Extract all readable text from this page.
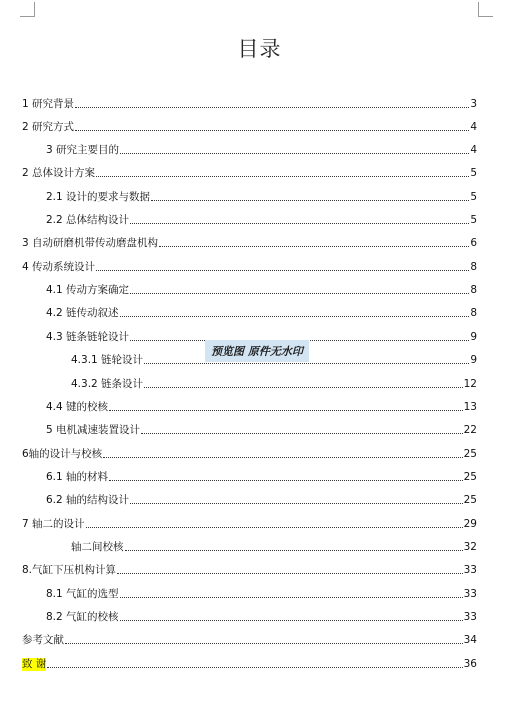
目录
1 研究背景	3
2 研究方式	4
3 研究主要目的	4
2 总体设计方案	5
2.1 设计的要求与数据	5
2.2 总体结构设计	5
3 自动研磨机带传动磨盘机构	6
4 传动系统设计	8
4.1 传动方案确定	8
4.2 链传动叙述	8
4.3 链条链轮设计	9
4.3.1 链轮设计	9
4.3.2 链条设计	12
4.4 键的校核	13
5 电机减速装置设计	22
6轴的设计与校核	25
6.1 轴的材料	25
6.2 轴的结构设计	25
7 轴二的设计	29
轴二间校核	32
8.气缸下压机构计算	33
8.1 气缸的选型	33
8.2 气缸的校核	33
参考文献	34
致 谢	36
预览图 原件无水印
